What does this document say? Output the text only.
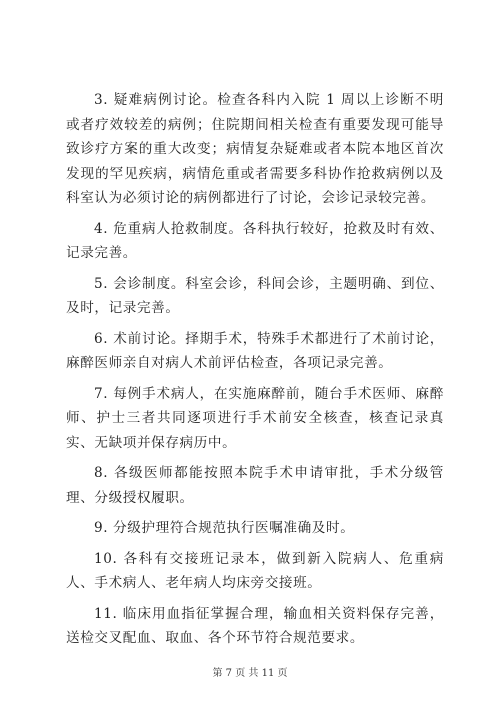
3. 疑难病例讨论。检查各科内入院 1 周以上诊断不明或者疗效较差的病例；住院期间相关检查有重要发现可能导致诊疗方案的重大改变；病情复杂疑难或者本院本地区首次发现的罕见疾病，病情危重或者需要多科协作抢救病例以及科室认为必须讨论的病例都进行了讨论，会诊记录较完善。

4. 危重病人抢救制度。各科执行较好，抢救及时有效、记录完善。

5. 会诊制度。科室会诊，科间会诊，主题明确、到位、及时，记录完善。

6. 术前讨论。择期手术，特殊手术都进行了术前讨论，麻醉医师亲自对病人术前评估检查，各项记录完善。

7. 每例手术病人，在实施麻醉前，随台手术医师、麻醉师、护士三者共同逐项进行手术前安全核查，核查记录真实、无缺项并保存病历中。

8. 各级医师都能按照本院手术申请审批，手术分级管理、分级授权履职。

9. 分级护理符合规范执行医嘱准确及时。

10. 各科有交接班记录本，做到新入院病人、危重病人、手术病人、老年病人均床旁交接班。

11. 临床用血指征掌握合理，输血相关资料保存完善，送检交叉配血、取血、各个环节符合规范要求。

第 7 页 共 11 页
